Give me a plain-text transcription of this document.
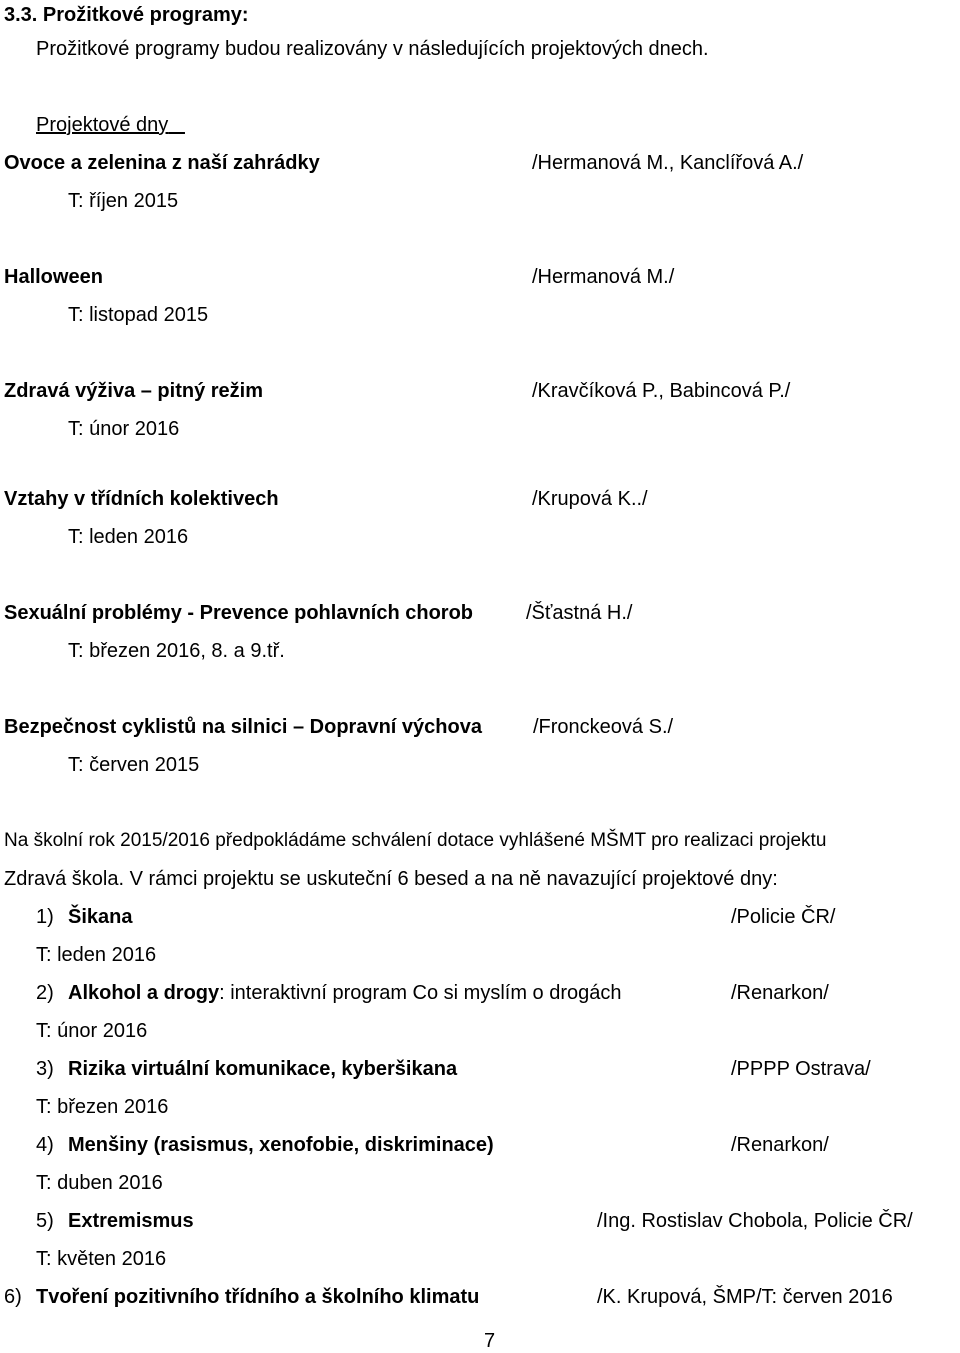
3.3. Prožitkové programy:
Prožitkové programy budou realizovány v následujících projektových dnech.
Projektové dny
Ovoce a zelenina z naší zahrádky	/Hermanová M., Kanclířová A./
T: říjen 2015
Halloween	/Hermanová M./
T: listopad 2015
Zdravá výživa – pitný režim	/Kravčíková P., Babincová P./
T: únor 2016
Vztahy v třídních kolektivech	/Krupová K../
T: leden 2016
Sexuální problémy - Prevence pohlavních chorob	/Šťastná H./
T: březen 2016, 8. a 9.tř.
Bezpečnost cyklistů na silnici – Dopravní výchova	/Fronckeová S./
T: červen 2015
Na školní rok 2015/2016 předpokládáme schválení dotace vyhlášené MŠMT pro realizaci projektu
Zdravá škola. V rámci projektu se uskuteční 6 besed a na ně navazující projektové dny:
1) Šikana	/Policie ČR/
T: leden 2016
2) Alkohol a drogy: interaktivní program Co si myslím o drogách	/Renarkon/
T: únor 2016
3) Rizika virtuální komunikace, kyberšikana	/PPPP Ostrava/
T: březen 2016
4) Menšiny (rasismus, xenofobie, diskriminace)	/Renarkon/
T: duben 2016
5) Extremismus	/Ing. Rostislav Chobola, Policie ČR/
T: květen 2016
6) Tvoření pozitivního třídního a školního klimatu	/K. Krupová, ŠMP/T: červen 2016
7
